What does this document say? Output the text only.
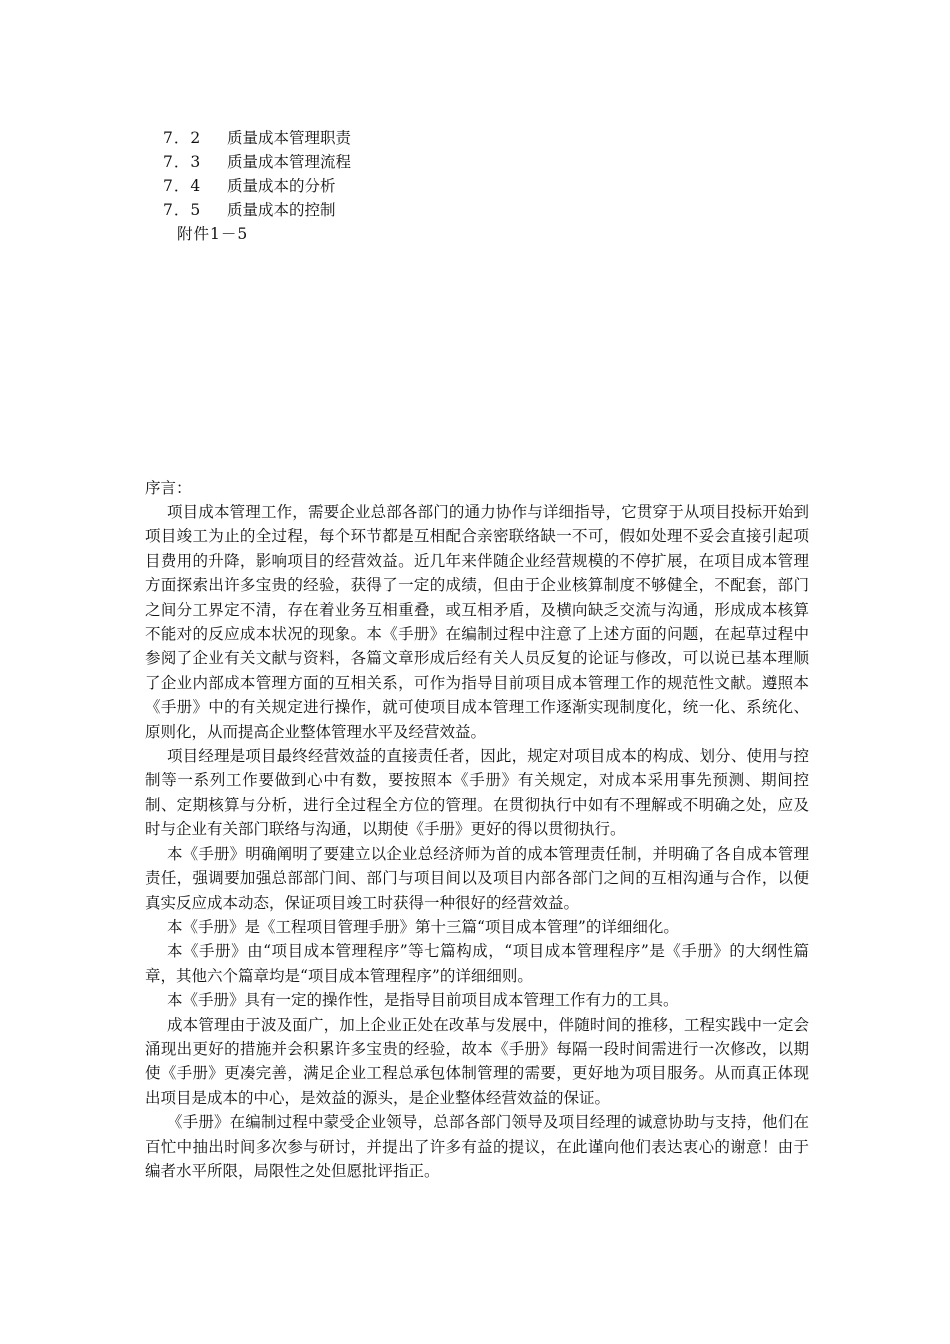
7．2 质量成本管理职责
7．3 质量成本管理流程
7．4 质量成本的分析
7．5 质量成本的控制
附件1－5
序言：

项目成本管理工作，需要企业总部各部门的通力协作与详细指导，它贯穿于从项目投标开始到项目竣工为止的全过程，每个环节都是互相配合亲密联络缺一不可，假如处理不妥会直接引起项目费用的升降，影响项目的经营效益。近几年来伴随企业经营规模的不停扩展，在项目成本管理方面探索出许多宝贵的经验，获得了一定的成绩，但由于企业核算制度不够健全，不配套，部门之间分工界定不清，存在着业务互相重叠，或互相矛盾，及横向缺乏交流与沟通，形成成本核算不能对的反应成本状况的现象。本《手册》在编制过程中注意了上述方面的问题，在起草过程中参阅了企业有关文献与资料，各篇文章形成后经有关人员反复的论证与修改，可以说已基本理顺了企业内部成本管理方面的互相关系，可作为指导目前项目成本管理工作的规范性文献。遵照本《手册》中的有关规定进行操作，就可使项目成本管理工作逐渐实现制度化，统一化、系统化、原则化，从而提高企业整体管理水平及经营效益。

项目经理是项目最终经营效益的直接责任者，因此，规定对项目成本的构成、划分、使用与控制等一系列工作要做到心中有数，要按照本《手册》有关规定，对成本采用事先预测、期间控制、定期核算与分析，进行全过程全方位的管理。在贯彻执行中如有不理解或不明确之处，应及时与企业有关部门联络与沟通，以期使《手册》更好的得以贯彻执行。

本《手册》明确阐明了要建立以企业总经济师为首的成本管理责任制，并明确了各自成本管理责任，强调要加强总部部门间、部门与项目间以及项目内部各部门之间的互相沟通与合作，以便真实反应成本动态，保证项目竣工时获得一种很好的经营效益。

本《手册》是《工程项目管理手册》第十三篇“项目成本管理”的详细细化。

本《手册》由“项目成本管理程序”等七篇构成，“项目成本管理程序”是《手册》的大纲性篇章，其他六个篇章均是“项目成本管理程序”的详细细则。

本《手册》具有一定的操作性，是指导目前项目成本管理工作有力的工具。

成本管理由于波及面广，加上企业正处在改革与发展中，伴随时间的推移，工程实践中一定会涌现出更好的措施并会积累许多宝贵的经验，故本《手册》每隔一段时间需进行一次修改，以期使《手册》更凑完善，满足企业工程总承包体制管理的需要，更好地为项目服务。从而真正体现出项目是成本的中心，是效益的源头，是企业整体经营效益的保证。

《手册》在编制过程中蒙受企业领导，总部各部门领导及项目经理的诚意协助与支持，他们在百忙中抽出时间多次参与研讨，并提出了许多有益的提议，在此谨向他们表达衷心的谢意！由于编者水平所限，局限性之处但愿批评指正。
